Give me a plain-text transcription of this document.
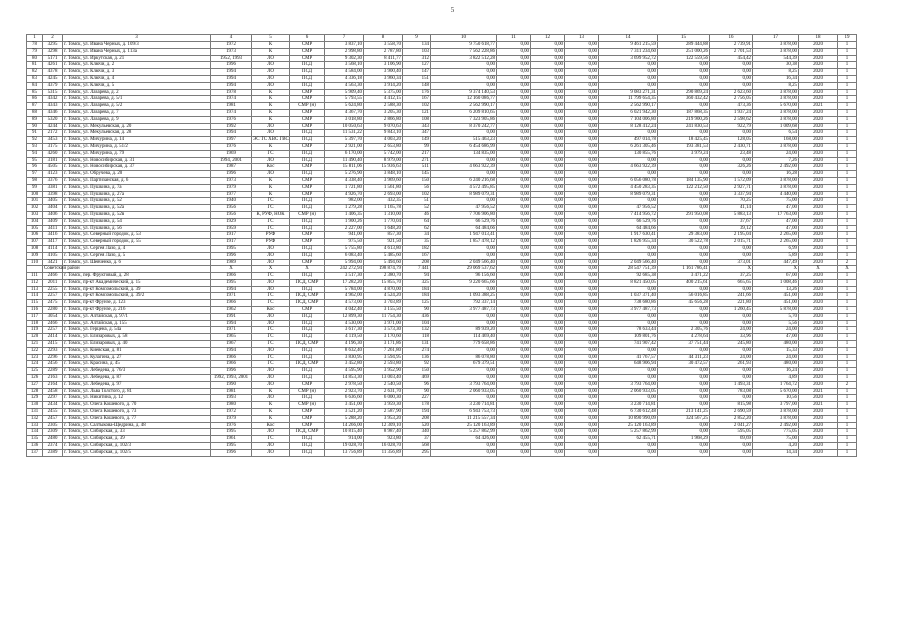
5
1	2	3	4	5	6	7	8	9	10	11	12	13	14	15	16	17	18	19
78	3295	г. Томск, ул. Ивана Черных, д. 109/3	1972	К	СМР	3 837,10	3 558,70	134	9 750 618,77	0,00	0,00	0,00	9 461 215,59	289 444,88	2 739,91	3 878,00	2020	1
79	3298	г. Томск, ул. Ивана Черных, д. 113а	1973	К	СМР	2 998,80	2 787,80	103	7 562 228,86	0,00	0,00	0,00	7 311 234,60	251 000,26	2 701,53	3 878,00	2020	1
80	5171	г. Томск, ул. Иркутская, д. 21	1952, 1993	ЛО	СМР	9 302,30	8 411,77	312	3 822 512,28	0,00	0,00	0,00	3 699 952,72	122 559,56	454,42	544,39	2020	1
81	4261	г. Томск, ул. Ключи, д. 2	1996	ЛО	ПСД	3 568,10	3 106,90	127	0,00	0,00	0,00	0,00	0,00	0,00	0,00	30,38	2020	1
82	4378	г. Томск, ул. Ключи, д. 3	1994	ЛО	ПСД	4 584,00	3 900,40	147	0,00	0,00	0,00	0,00	0,00	0,00	0,00	8,25	2020	1
83	4245	г. Томск, ул. Ключи, д. 4	1994	ЛО	ПСД	4 336,18	3 960,34	151	0,00	0,00	0,00	0,00	0,00	0,00	0,00	16,34	2020	1
84	4379	г. Томск, ул. Ключи, д. 5	1994	ЛО	ПСД	4 563,30	3 914,20	148	0,00	0,00	0,00	0,00	0,00	0,00	0,00	8,25	2020	1
85	5315	г. Томск, ул. Лазарева, д. 2	1978	К	СМР	5 909,40	5 375,00	176	9 374 140,53	0,00	0,00	0,00	9 083 271,31	290 869,24	2 623,60	3 878,00	2020	1
86	4342	г. Томск, ул. Лазарева, д. 5/1	1974	К	СМР	5 793,55	4 412,15	167	12 160 086,77	0,00	0,00	0,00	11 799 654,35	360 432,42	2 756,05	3 878,00	2020	1
87	4343	г. Томск, ул. Лазарева, д. 5/2	1981	К	СМР (н)	5 624,80	2 588,30	102	2 562 990,17	0,00	0,00	0,00	2 562 990,17	0,00	473,36	5 670,00	2021	1
88	4346	г. Томск, ул. Лазарева, д. 7	1974	К	СМР	4 367,70	3 205,30	121	6 209 810,65	0,00	0,00	0,00	6 021 942,30	187 868,35	1 937,24	3 878,00	2020	1
89	5320	г. Томск, ул. Лазарева, д. 9	1976	К	СМР	3 018,80	2 866,80	108	7 323 905,86	0,00	0,00	0,00	7 104 006,80	219 900,26	2 598,62	3 878,00	2020	1
90	4244	г. Томск, ул. Мекульевская, д. 20	1992	ЛО	СМР	10 050,63	9 070,63	343	8 370 242,77	0,00	0,00	0,00	8 128 412,24	241 830,53	922,79	1 009,68	2020	1
91	2172	г. Томск, ул. Мекульевская, д. 28	1994	ЛО	ПСД	11 531,22	9 843,10	347	0,00	0,00	0,00	0,00	0,00	0,00	0,00	6,54	2020	1
92	3453	г. Томск, ул. Мичурина, д. 14	1997	ЭС ТС ХВС ГВС	ПСД	5 397,70	4 003,20	149	515 463,23	0,00	0,00	0,00	497 014,78	18 425,45	128,05	168,00	2020	1
93	3175	г. Томск, ул. Мичурина, д. 51/2	1976	К	СМР	2 921,00	2 653,80	99	6 454 686,99	0,00	0,00	0,00	6 261 305,46	193 381,53	2 430,71	3 878,00	2020	1
94	4260	г. Томск, ул. Мичурина, д. 79	1969	ГС	ПСД	6 170,00	5 742,00	217	134 835,00	0,00	0,00	0,00	130 855,76	3 979,24	23,48	24,00	2020	1
95	3181	г. Томск, ул. Новосибирская, д. 31	1994, 2001	ЛО	ПСД	11 490,40	8 979,00	271	0,00	0,00	0,00	0,00	0,00	0,00	0,00	7,26	2020	1
96	4505	г. Томск, ул. Новосибирская, д. 37	1987	Кос	СМР	15 811,06	15 936,63	511	4 663 922,39	0,00	0,00	0,00	4 663 922,39	0,00	326,26	2 492,00	2020	1
97	4123	г. Томск, ул. Обручева, д. 20	1996	ЛО	ПСД	5 276,90	3 848,10	145	0,00	0,00	0,00	0,00	0,00	0,00	0,00	16,28	2020	1
98	3376	г. Томск, ул. Партизанская, д. 6	1973	К	СМР	4 338,40	3 969,60	150	6 240 216,68	0,00	0,00	0,00	6 056 080,78	184 135,90	1 572,09	3 878,00	2020	1
99	3381	г. Томск, ул. Пушкина, д. 7а	1979	К	СМР	1 721,80	1 561,80	56	4 572 495,85	0,00	0,00	0,00	4 450 283,35	122 212,50	2 927,71	3 878,00	2020	1
100	3398	г. Томск, ул. Пушкина, д. 27а	1977	К	СМР	4 926,70	2 693,00	102	8 989 079,31	0,00	0,00	0,00	8 989 079,31	0,00	3 337,94	4 440,00	2020	1
101	3405	г. Томск, ул. Пушкина, д. 52	1940	ГС	ПСД	982,00	432,35	51	0,00	0,00	0,00	0,00	0,00	0,00	70,25	75,00	2020	1
102	3404	г. Томск, ул. Пушкина, д. 52а	1956	ГС	ПСД	1 279,28	1 165,78	52	47 956,52	0,00	0,00	0,00	47 956,52	0,00	41,14	47,00	2020	1
103	3406	г. Томск, ул. Пушкина, д. 52в	1956	К, РУФ, НОК	СМР (н)	1 406,35	1 310,00	46	7 706 906,80	0,00	0,00	0,00	7 414 956,72	291 950,08	5 883,13	17 763,00	2020	1
104	3409	г. Томск, ул. Пушкина, д. 54	1929	ГС	ПСД	1 900,26	1 770,04	64	66 529,76	0,00	0,00	0,00	66 529,76	0,00	37,67	47,00	2020	1
105	3411	г. Томск, ул. Пушкина, д. 56	1959	ГС	ПСД	2 227,00	1 648,20	62	64 484,66	0,00	0,00	0,00	64 484,66	0,00	39,12	47,00	2020	1
106	3416	г. Томск, ул. Северный городок, д. 53	1917	РУФ	СМР	941,00	857,30	34	1 947 013,41	0,00	0,00	0,00	1 917 630,41	29 383,00	2 195,04	2 265,00	2020	1
107	3417	г. Томск, ул. Северный городок, д. 55	1917	РУФ	СМР	975,50	921,50	35	1 857 478,12	0,00	0,00	0,00	1 826 955,34	30 522,78	2 015,71	2 265,00	2020	1
108	4114	г. Томск, ул. Сергея Лазо, д. 4	1995	ЛО	ПСД	5 755,80	4 613,80	182	0,00	0,00	0,00	0,00	0,00	0,00	0,00	6,99	2020	1
109	4105	г. Томск, ул. Сергея Лазо, д. 5	1996	ЛО	ПСД	6 083,40	5 485,60	167	0,00	0,00	0,00	0,00	0,00	0,00	0,00	5,89	2020	1
110	3421	г. Томск, ул. Шевченко, д. 6	1989	ЛО	СМР	5 994,00	5 494,60	208	2 049 566,40	0,00	0,00	0,00	2 049 566,40	0,00	373,01	447,49	2020	2
	Советский район		Х	Х	Х	242 272,94	198 874,79	7 441	29 069 537,62	0,00	0,00	0,00	28 547 751,39	1 161 786,41	Х	Х	Х	Х
111	2466	г. Томск, пер. Фруктовый, д. 28	1966	ГС	ПСД	3 517,30	2 380,70	94	96 156,60	0,00	0,00	0,00	92 685,38	3 471,22	37,25	67,00	2020	1
112	2011	г. Томск, пр-кт Академический, д. 15	1995	ЛО	ПСД, СМР	17 282,20	15 855,70	325	9 220 665,66	0,00	0,00	0,00	8 821 450,05	400 215,61	665,65	1 008,46	2020	1
113	2255	г. Томск, пр-кт Комсомольский, д. 39	1994	ЛО	ПСД	5 784,00	4 870,00	184	0,00	0,00	0,00	0,00	0,00	0,00	0,00	13,26	2020	1
114	2257	г. Томск, пр-кт Комсомольский, д. 39/2	1971	ГС	ПСД, СМР	4 962,00	4 524,20	184	1 093 388,25	0,00	0,00	0,00	1 037 371,40	56 016,85	241,66	451,00	2020	1
115	2475	г. Томск, пр-кт Фрунзе, д. 123	1966	ГС	ПСД, СМР	4 573,00	3 703,89	125	792 337,14	0,00	0,00	0,00	738 680,86	45 656,28	221,80	451,00	2020	1
116	2280	г. Томск, пр-кт Фрунзе, д. 216	1962	Кос	СМР	4 042,40	3 155,50	90	3 977 487,73	0,00	0,00	0,00	3 977 487,73	0,00	1 260,45	5 878,00	2020	1
117	3054	г. Томск, ул. Алтайская, д. 97/1	1991	ЛО	ПСД	12 899,30	11 754,30	436	0,00	0,00	0,00	0,00	0,00	0,00	0,00	5,70	2020	1
118	2466	г. Томск, ул. Алтайская, д. 155	1994	ЛО	ПСД	4 530,00	3 971,00	104	0,00	0,00	0,00	0,00	0,00	0,00	0,00	5,56	2020	1
119	2257	г. Томск, ул. Герцена, д. 54а	1971	ГС	ПСД	3 617,30	3 573,30	132	89 939,20	0,00	0,00	0,00	78 633,44	2 305,76	24,00	24,00	2020	1
120	2414	г. Томск, ул. Елизаровых, д. 58	1965	ГС	ПСД	4 119,50	3 170,60	118	114 469,40	0,00	0,00	0,00	109 801,76	4 278,64	33,96	47,00	2020	1
121	2415	г. Томск, ул. Елизаровых, д. 40	1967	ГС	ПСД, СМР	4 196,30	3 171,86	131	779 658,86	0,00	0,00	0,00	741 907,42	37 751,44	245,80	480,00	2020	1
122	2293	г. Томск, ул. Киевская, д. 81	1994	ЛО	ПСД	8 632,40	7 261,80	274	0,00	0,00	0,00	0,00	0,00	0,00	0,00	15,33	2020	1
123	2296	г. Томск, ул. Кулагина, д. 27	1966	ГС	ПСД	3 830,95	3 594,95	136	86 078,80	0,00	0,00	0,00	41 767,57	44 311,23	24,00	24,00	2020	1
124	2456	г. Томск, ул. Красина, д. 45	1966	ГС	ПСД, СМР	3 452,80	2 593,80	92	679 379,51	0,00	0,00	0,00	648 906,94	30 472,57	261,93	480,00	2020	1
125	2289	г. Томск, ул. Лебедева, д. 76/3	1996	ЛО	ПСД	4 595,90	3 952,90	150	0,00	0,00	0,00	0,00	0,00	0,00	0,00	16,24	2020	1
126	2163	г. Томск, ул. Лебедева, д. 87	1992, 1993, 2001	ЛО	ПСД	14 853,30	13 003,40	469	0,00	0,00	0,00	0,00	0,00	0,00	0,00	4,89	2020	1
127	2164	г. Томск, ул. Лебедева, д. 97	1990	ЛО	СМР	2 978,50	2 540,50	96	3 793 764,00	0,00	0,00	0,00	3 793 764,00	0,00	1 493,31	1 764,72	2020	2
128	2458	г. Томск, ул. Льва Толстого, д. 81	1981	К	СМР (н)	2 923,70	2 631,70	90	2 060 933,05	0,00	0,00	0,00	2 060 933,05	0,00	783,08	5 670,00	2021	1
129	2297	г. Томск, ул. Никитина, д. 12	1993	ЛО	ПСД	6 636,60	6 000,30	227	0,00	0,00	0,00	0,00	0,00	0,00	0,00	10,56	2020	1
130	2434	г. Томск, ул. Олега Кошевого, д. 70	1980	К	СМР (н)	3 451,00	3 959,30	178	3 230 714,81	0,00	0,00	0,00	3 230 714,81	0,00	815,98	3 797,00	2021	1
131	2455	г. Томск, ул. Олега Кошевого, д. 73	1972	К	СМР	3 521,20	2 587,90	194	6 943 753,73	0,00	0,00	0,00	6 730 612,48	213 141,25	2 690,59	3 878,00	2020	1
132	2457	г. Томск, ул. Олега Кошевого, д. 77	1979	К	СМР	5 288,20	3 953,20	208	11 215 557,34	0,00	0,00	0,00	10 890 990,09	324 567,25	2 852,20	3 878,00	2020	1
133	2305	г. Томск, ул. Салтыкова-Щедрина, д. 48	1976	Кос	СМР	14 266,00	12 309,10	520	25 120 163,89	0,00	0,00	0,00	25 120 163,89	0,00	2 041,27	2 492,00	2020	1
134	2309	г. Томск, ул. Сибирская, д. 33	1995	ЛО	ПСД, СМР	10 815,40	8 987,40	340	5 257 862,99	0,00	0,00	0,00	5 257 862,99	0,00	595,05	775,05	2020	1
135	2480	г. Томск, ул. Сибирская, д. 39	1961	ГС	ПСД	914,00	923,80	37	64 426,00	0,00	0,00	0,00	62 455,71	1 968,29	69,69	75,00	2020	1
136	2374	г. Томск, ул. Сибирская, д. 102/3	1995	ЛО	ПСД	19 028,70	16 028,70	568	0,00	0,00	0,00	0,00	0,00	0,00	0,00	4,20	2020	1
137	2389	г. Томск, ул. Сибирская, д. 102/5	1996	ЛО	ПСД	13 756,89	11 356,89	295	0,00	0,00	0,00	0,00	0,00	0,00	0,00	14,34	2020	1
